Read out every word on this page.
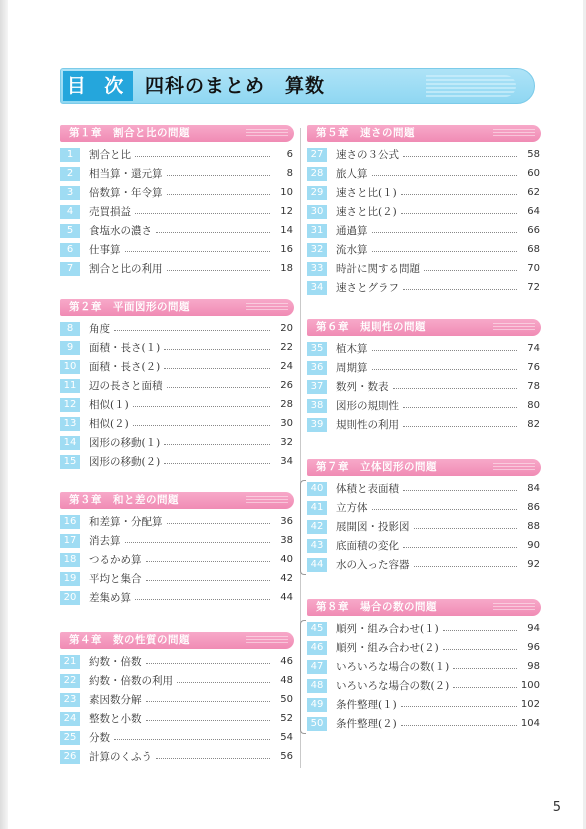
目 次 四科のまとめ　算数
第１章　割合と比の問題
1	割合と比	6
2	相当算・還元算	8
3	倍数算・年令算	10
4	売買損益	12
5	食塩水の濃さ	14
6	仕事算	16
7	割合と比の利用	18
第２章　平面図形の問題
8	角度	20
9	面積・長さ(１)	22
10	面積・長さ(２)	24
11	辺の長さと面積	26
12	相似(１)	28
13	相似(２)	30
14	図形の移動(１)	32
15	図形の移動(２)	34
第３章　和と差の問題
16	和差算・分配算	36
17	消去算	38
18	つるかめ算	40
19	平均と集合	42
20	差集め算	44
第４章　数の性質の問題
21	約数・倍数	46
22	約数・倍数の利用	48
23	素因数分解	50
24	整数と小数	52
25	分数	54
26	計算のくふう	56
第５章　速さの問題
27	速さの３公式	58
28	旅人算	60
29	速さと比(１)	62
30	速さと比(２)	64
31	通過算	66
32	流水算	68
33	時計に関する問題	70
34	速さとグラフ	72
第６章　規則性の問題
35	植木算	74
36	周期算	76
37	数列・数表	78
38	図形の規則性	80
39	規則性の利用	82
第７章　立体図形の問題
40	体積と表面積	84
41	立方体	86
42	展開図・投影図	88
43	底面積の変化	90
44	水の入った容器	92
第８章　場合の数の問題
45	順列・組み合わせ(１)	94
46	順列・組み合わせ(２)	96
47	いろいろな場合の数(１)	98
48	いろいろな場合の数(２)	100
49	条件整理(１)	102
50	条件整理(２)	104
5
